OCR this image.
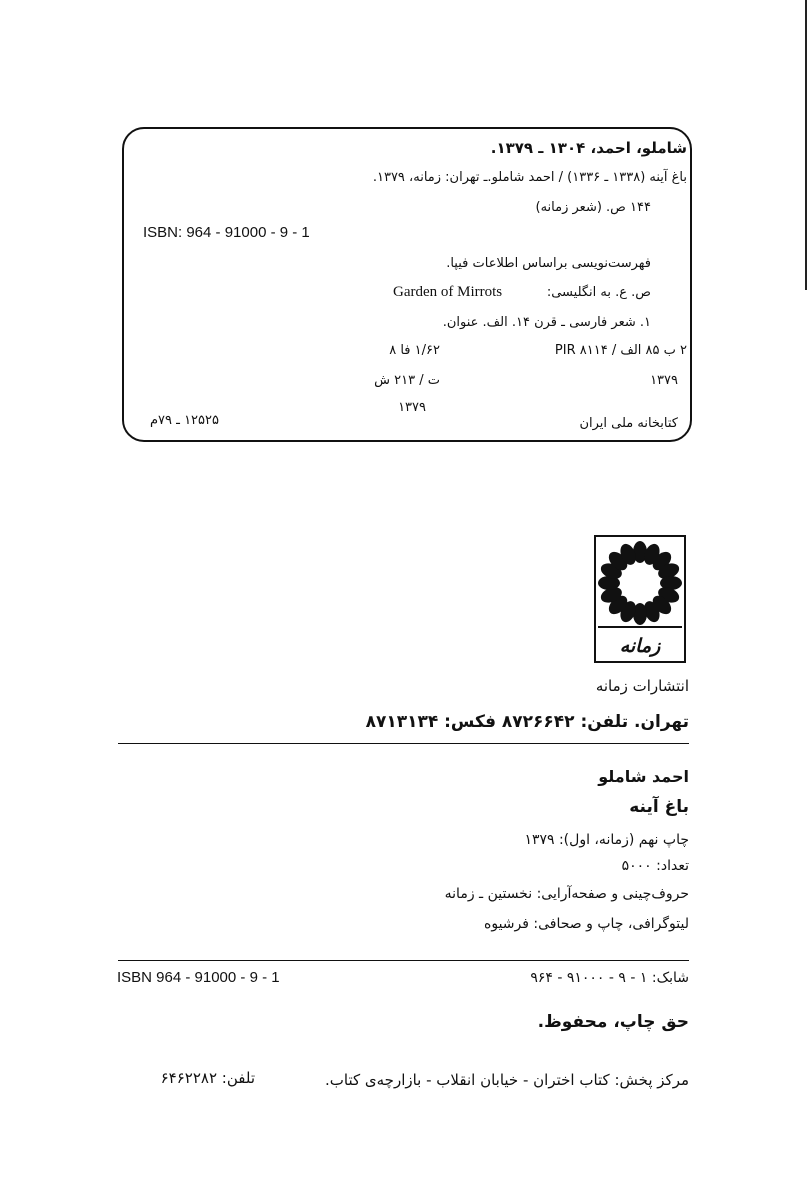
شاملو، احمد، ۱۳۰۴ ـ ۱۳۷۹.
باغ آینه (۱۳۳۸ ـ ۱۳۳۶) / احمد شاملو.ـ تهران: زمانه، ۱۳۷۹.
۱۴۴ ص. (شعر زمانه)
ISBN: 964 - 91000 - 9 - 1
فهرست‌نویسی براساس اطلاعات فیپا.
ص. ع. به انگلیسی:
Garden of Mirrots
۱. شعر فارسی ـ قرن ۱۴. الف. عنوان.
۲ ب ۸۵ الف / ۸۱۱۴ PIR
۱/۶۲ فا ۸
۱۳۷۹
ت / ۲۱۳ ش
۱۳۷۹
کتابخانه ملی ایران
۱۲۵۲۵ ـ ۷۹م
زمانه
انتشارات زمانه
تهران. تلفن: ۸۷۲۶۶۴۲ فکس: ۸۷۱۳۱۳۴
احمد شاملو
باغ آینه
چاپ نهم (زمانه، اول): ۱۳۷۹
تعداد: ۵۰۰۰
حروف‌چینی و صفحه‌آرایی: نخستین ـ زمانه
لیتوگرافی، چاپ و صحافی: فرشیوه
ISBN 964 - 91000 - 9 - 1	شابک: ۱ - ۹ - ۹۱۰۰۰ - ۹۶۴
حق چاپ، محفوظ.
مرکز پخش: کتاب اختران - خیابان انقلاب - بازارچه‌ی کتاب.
تلفن: ۶۴۶۲۲۸۲
